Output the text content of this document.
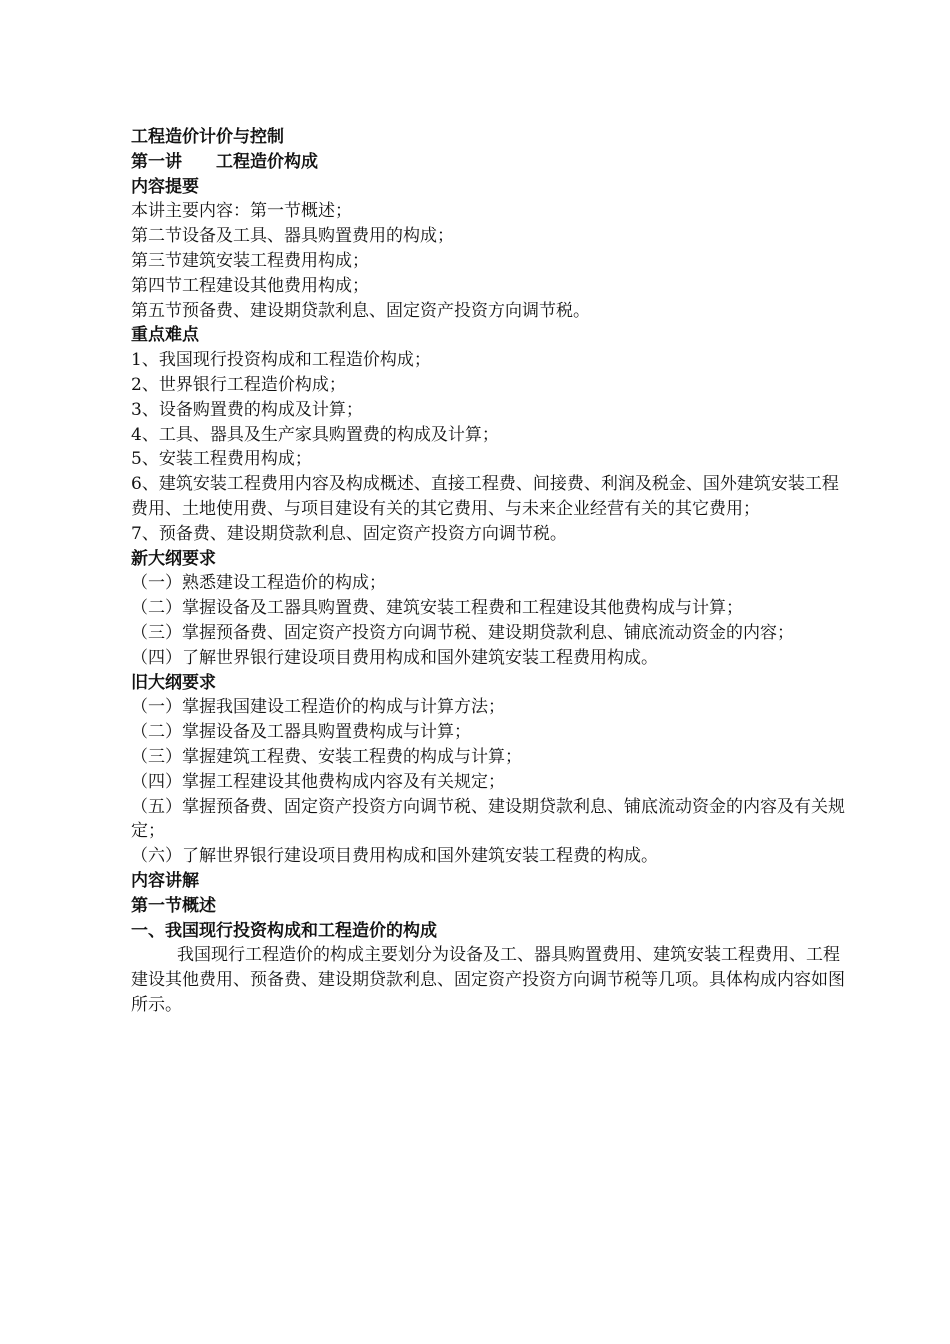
工程造价计价与控制
第一讲 工程造价构成
内容提要
本讲主要内容：第一节概述；
第二节设备及工具、器具购置费用的构成；
第三节建筑安装工程费用构成；
第四节工程建设其他费用构成；
第五节预备费、建设期贷款利息、固定资产投资方向调节税。
重点难点
1、我国现行投资构成和工程造价构成；
2、世界银行工程造价构成；
3、设备购置费的构成及计算；
4、工具、器具及生产家具购置费的构成及计算；
5、安装工程费用构成；
6、建筑安装工程费用内容及构成概述、直接工程费、间接费、利润及税金、国外建筑安装工程费用、土地使用费、与项目建设有关的其它费用、与未来企业经营有关的其它费用；
7、预备费、建设期贷款利息、固定资产投资方向调节税。
新大纲要求
（一）熟悉建设工程造价的构成；
（二）掌握设备及工器具购置费、建筑安装工程费和工程建设其他费构成与计算；
（三）掌握预备费、固定资产投资方向调节税、建设期贷款利息、铺底流动资金的内容；
（四）了解世界银行建设项目费用构成和国外建筑安装工程费用构成。
旧大纲要求
（一）掌握我国建设工程造价的构成与计算方法；
（二）掌握设备及工器具购置费构成与计算；
（三）掌握建筑工程费、安装工程费的构成与计算；
（四）掌握工程建设其他费构成内容及有关规定；
（五）掌握预备费、固定资产投资方向调节税、建设期贷款利息、铺底流动资金的内容及有关规定；
（六）了解世界银行建设项目费用构成和国外建筑安装工程费的构成。
内容讲解
第一节概述
一、我国现行投资构成和工程造价的构成
我国现行工程造价的构成主要划分为设备及工、器具购置费用、建筑安装工程费用、工程建设其他费用、预备费、建设期贷款利息、固定资产投资方向调节税等几项。具体构成内容如图所示。
